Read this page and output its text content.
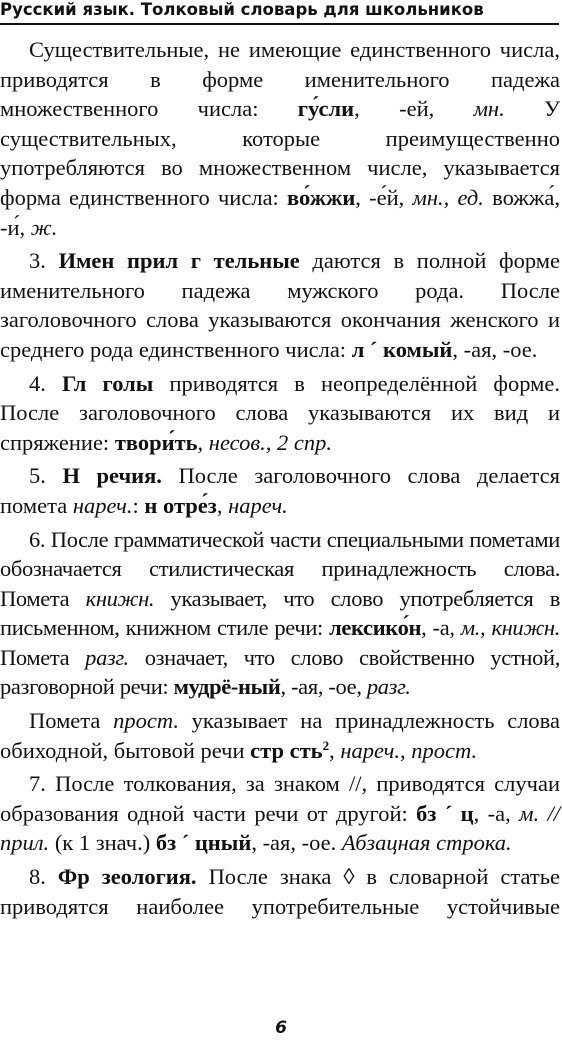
Русский язык. Толковый словарь для школьников

Существительные, не имеющие единственного числа, приводятся в форме именительного падежа множественного числа: гу́сли, -ей, мн. У существительных, которые преимущественно употребляются во множественном числе, указывается форма единственного числа: во́жжи, -е́й, мн., ед. вожжа́, -и́, ж.

3. Имен прил г тельные даются в полной форме именительного падежа мужского рода. После заголовочного слова указываются окончания женского и среднего рода единственного числа: л ´ комый, -ая, -ое.

4. Гл голы приводятся в неопределённой форме. После заголовочного слова указываются их вид и спряжение: твори́ть, несов., 2 спр.

5. Н речия. После заголовочного слова делается помета нареч.: н отре́з, нареч.

6. После грамматической части специальными пометами обозначается стилистическая принадлежность слова. Помета книжн. указывает, что слово употребляется в письменном, книжном стиле речи: лексико́н, -а, м., книжн. Помета разг. означает, что слово свойственно устной, разговорной речи: мудрё-ный, -ая, -ое, разг.

Помета прост. указывает на принадлежность слова обиходной, бытовой речи стр сть$^2$, нареч., прост.

7. После толкования, за знаком //, приводятся случаи образования одной части речи от другой: бз ´ ц, -а, м. // прил. (к 1 знач.) бз ´ цный, -ая, -ое. Абзацная строка.

8. Фр зеология. После знака ◊ в словарной статье приводятся наиболее употребительные устойчивые

6
